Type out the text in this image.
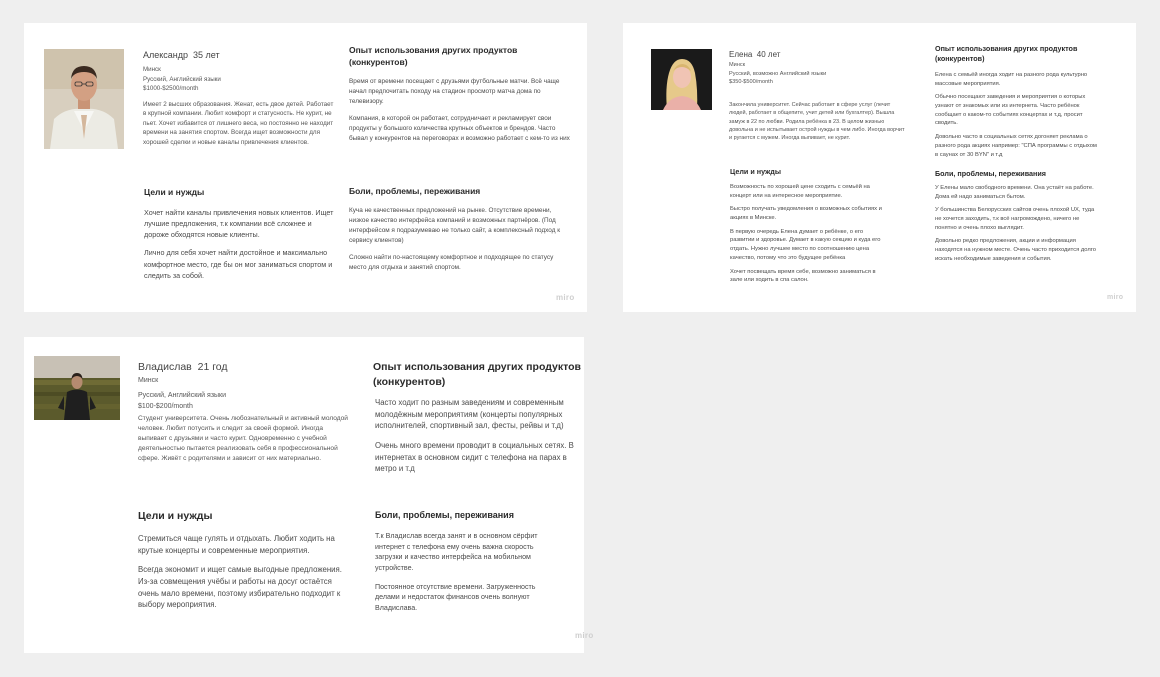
Александр 35 лет
Минск
Русский, Английский языки
$1000-$2500/month
Имеет 2 высших образования. Женат, есть двое детей. Работает в крупной компании. Любит комфорт и статусность. Не курит, не пьет. Хочет избавится от лишнего веса, но постоянно не находит времени на занятия спортом. Всегда ищет возможности для хорошей сделки и новые каналы привлечения клиентов.
Опыт использования других продуктов (конкурентов)

Время от времени посещает с друзьями футбольные матчи. Всё чаще начал предпочитать походу на стадион просмотр матча дома по телевизору.

Компания, в которой он работает, сотрудничает и рекламирует свои продукты у большого количества крупных объектов и брендов. Часто бывал у конкурентов на переговорах и возможно работает с кем-то из них

Цели и нужды

Хочет найти каналы привлечения новых клиентов. Ищет лучшие предложения, т.к компании всё сложнее и дороже обходятся новые клиенты.

Лично для себя хочет найти достойное и максимально комфортное место, где бы он мог заниматься спортом и следить за собой.

Боли, проблемы, переживания

Куча не качественных предложений на рынке. Отсутствие времени, низкое качество интерфейса компаний и возможных партнёров. (Под интерфейсом я подразумеваю не только сайт, а комплексный подход к сервису клиентов)

Сложно найти по-настоящему комфортное и подходящее по статусу место для отдыха и занятий спортом.

miro
Елена 40 лет
Минск
Русский, возможно Английский языки
$350-$500/month
Закончила университет. Сейчас работает в сфере услуг (лечит людей, работает в общепите, учит детей или бухгалтер). Вышла замуж в 22 по любви. Родила ребёнка в 23. В целом жизнью довольна и не испытывает острой нужды в чем либо. Иногда ворчит и ругается с мужем. Иногда выпивает, не курит.
Опыт использования других продуктов (конкурентов)

Елена с семьёй иногда ходит на разного рода культурно массовые мероприятия.

Обычно посещают заведения и мероприятия о которых узнают от знакомых или из интернета. Часто ребёнок сообщает о каком-то событиях концертах и т.д, просит сводить.

Довольно часто в социальных сетях догоняет реклама о разного рода акциях например: "СПА программы с отдыхом в саунах от 30 BYN" и т.д

Цели и нужды

Возможность по хорошей цене сходить с семьёй на концерт или на интересное мероприятие.

Быстро получать уведомления о возможных событиях и акциях в Минске.

В первую очередь Елена думает о ребёнке, о его развитии и здоровье. Думает в какую секцию и куда его отдать. Нужно лучшее место по соотношению цена качество, потому что это будущее ребёнка

Хочет посвещать время себе, возможно заниматься в зале или ходить в спа салон.

Боли, проблемы, переживания

У Елены мало свободного времени. Она устаёт на работе. Дома ей надо заниматься бытом.

У большинства Белорусских сайтов очень плохой UX, туда не хочется заходить, т.к всё нагромождено, ничего не понятно и очень плохо выглядит.

Довольно редко предложения, акции и информация находятся на нужном месте. Очень часто приходится долго искать необходимые заведения и события.

miro
Владислав 21 год
Минск
Русский, Английский языки
$100-$200/month
Студент университета. Очень любознательный и активный молодой человек. Любит потусить и следит за своей формой. Иногда выпивает с друзьями и часто курит. Одновременно с учебной деятельностью пытается реализовать себя в профессиональной сфере. Живёт с родителями и зависит от них материально.
Опыт использования других продуктов (конкурентов)

Часто ходит по разным заведениям и современным молодёжным мероприятиям (концерты популярных исполнителей, спортивный зал, фесты, рейвы и т.д)

Очень много времени проводит в социальных сетях. В интернетах в основном сидит с телефона на парах в метро и т.д

Цели и нужды

Стремиться чаще гулять и отдыхать. Любит ходить на крутые концерты и современные мероприятия.

Всегда экономит и ищет самые выгодные предложения. Из-за совмещения учёбы и работы на досуг остаётся очень мало времени, поэтому избирательно подходит к выбору мероприятия.

Боли, проблемы, переживания

Т.к Владислав всегда занят и в основном сёрфит интернет с телефона ему очень важна скорость загрузки и качество интерфейса на мобильном устройстве.

Постоянное отсутствие времени. Загруженность делами и недостаток финансов очень волнуют Владислава.

miro
